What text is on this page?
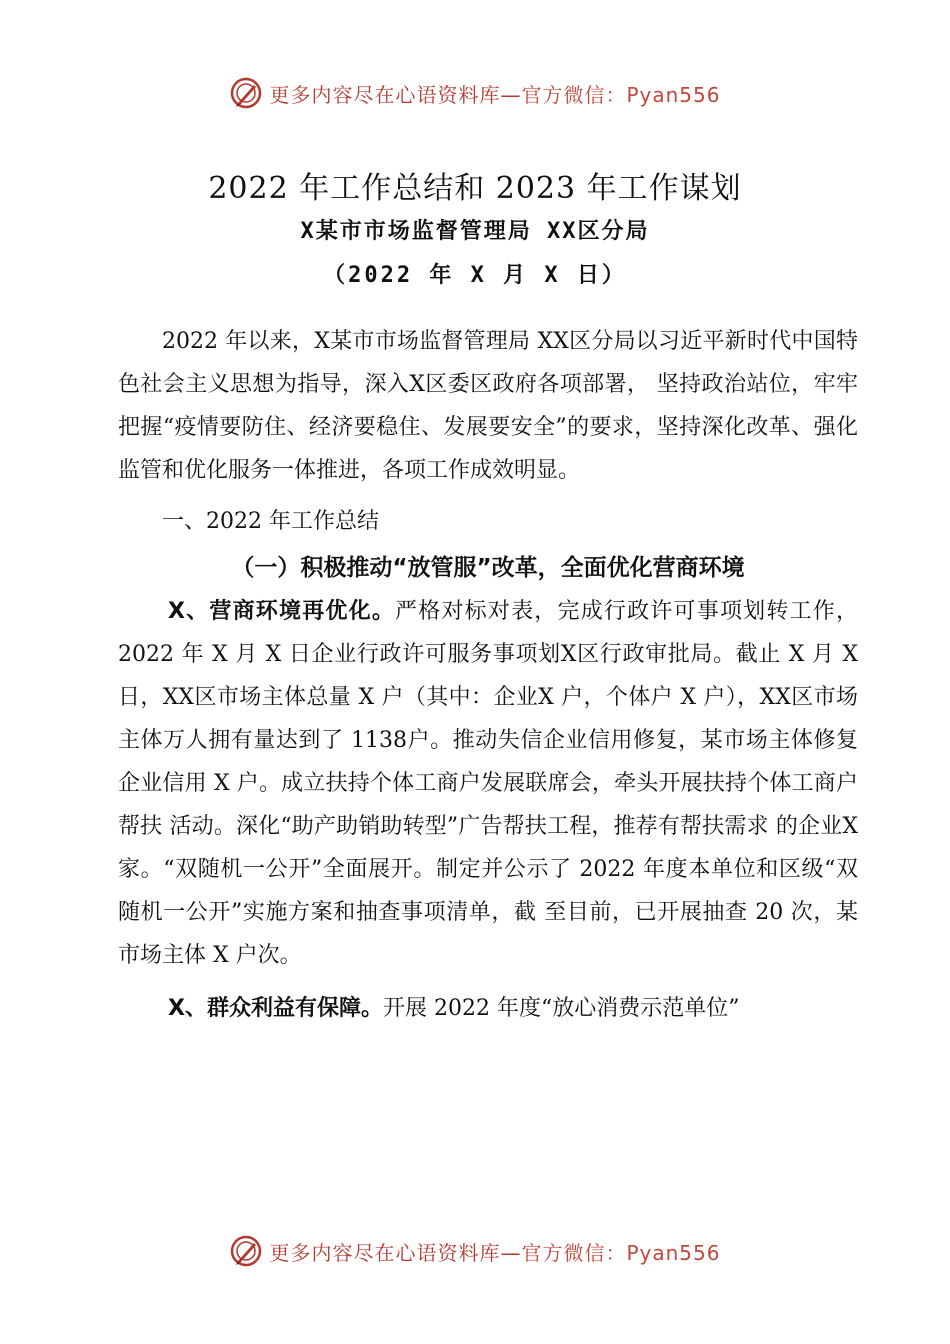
更多内容尽在心语资料库—官方微信：Pyan556
2022 年工作总结和 2023 年工作谋划
X某市市场监督管理局 XX区分局
（2022 年 X 月 X 日）

2022 年以来，X某市市场监督管理局 XX区分局以习近平新时代中国特色社会主义思想为指导，深入X区委区政府各项部署， 坚持政治站位，牢牢把握“疫情要防住、经济要稳住、发展要安全”的要求，坚持深化改革、强化监管和优化服务一体推进，各项工作成效明显。

一、2022 年工作总结

（一）积极推动“放管服”改革，全面优化营商环境

X、营商环境再优化。严格对标对表，完成行政许可事项划转工作，2022 年 X 月 X 日企业行政许可服务事项划X区行政审批局。截止 X 月 X 日，XX区市场主体总量 X 户（其中：企业X 户，个体户 X 户），XX区市场主体万人拥有量达到了 1138户。推动失信企业信用修复，某市场主体修复企业信用 X 户。成立扶持个体工商户发展联席会，牵头开展扶持个体工商户帮扶 活动。深化“助产助销助转型”广告帮扶工程，推荐有帮扶需求 的企业X 家。“双随机一公开”全面展开。制定并公示了 2022 年度本单位和区级“双随机一公开”实施方案和抽查事项清单，截 至目前，已开展抽查 20 次，某市场主体 X 户次。

X、群众利益有保障。开展 2022 年度“放心消费示范单位”

更多内容尽在心语资料库—官方微信：Pyan556
